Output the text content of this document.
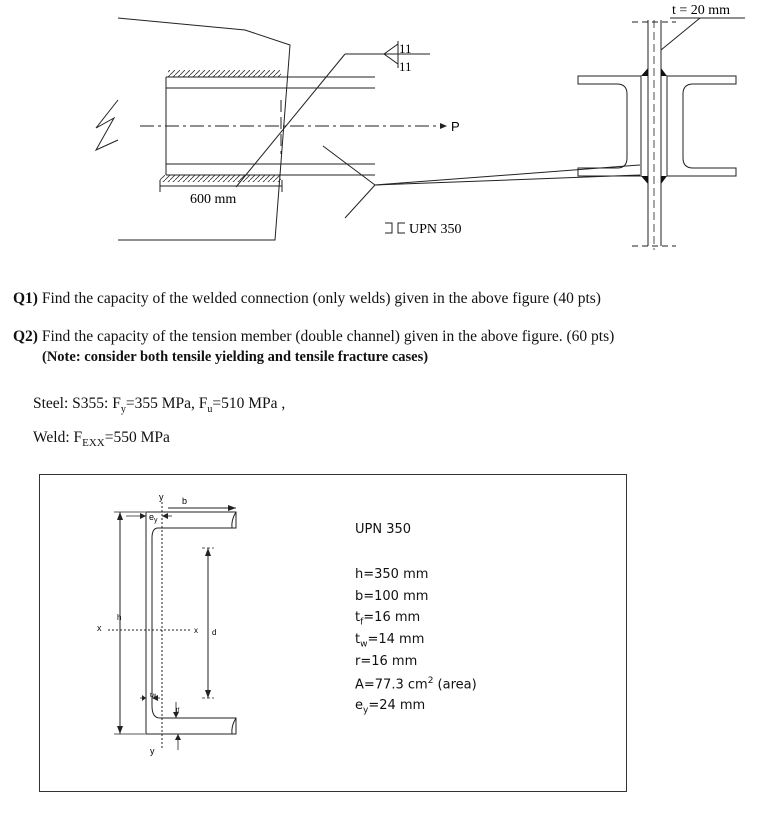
11
11
P
600 mm
UPN 350
t = 20 mm
Q1) Find the capacity of the welded connection (only welds) given in the above figure (40 pts)
Q2) Find the capacity of the tension member (double channel) given in the above figure. (60 pts)
(Note: consider both tensile yielding and tensile fracture cases)
Steel: S355: $F_y=355$ MPa, $F_u=510$ MPa ,
Weld: $F_{EXX}=550$ MPa
y
$e_y$
b
h
x d
tw
tf
y
x
UPN 350
h=350 mm
b=100 mm
$t_f=16$ mm
$t_w=14$ mm
r=16 mm
A=77.3 $cm^2$ (area)
$e_y=24$ mm
